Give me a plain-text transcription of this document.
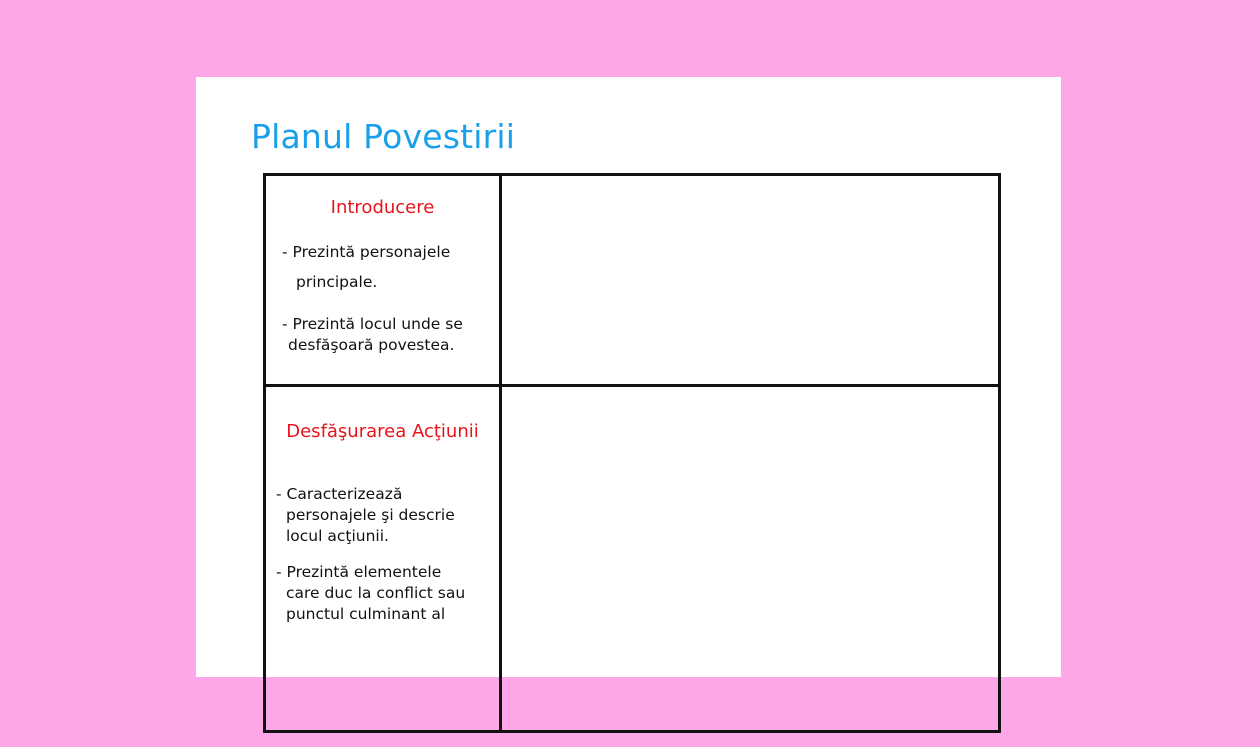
Planul Povestirii

Introducere

- Prezintă personajele

principale.

- Prezintă locul unde se

desfăşoară povestea.

Desfăşurarea Acţiunii

- Caracterizează

personajele şi descrie

locul acţiunii.

- Prezintă elementele

care duc la conflict sau

punctul culminant al
